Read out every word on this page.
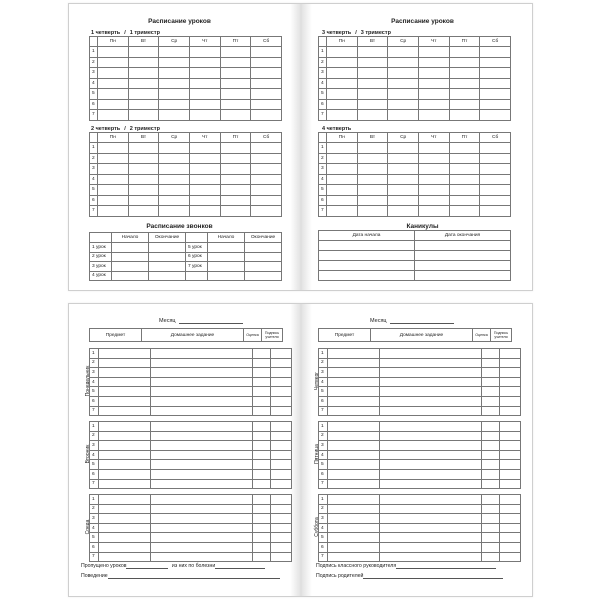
Расписание уроков
1 четверть / 1 триместр
	Пн	Вт	Ср	Чт	Пт	Сб
1						
2						
3						
4						
5						
6						
7						
2 четверть / 2 триместр
	Пн	Вт	Ср	Чт	Пт	Сб
1						
2						
3						
4						
5						
6						
7						
Расписание звонков
	Начало	Окончание		Начало	Окончание
1 урок			5 урок		
2 урок			6 урок		
3 урок			7 урок		
4 урок					
Расписание уроков
3 четверть / 3 триместр
	Пн	Вт	Ср	Чт	Пт	Сб
1						
2						
3						
4						
5						
6						
7						
4 четверть
	Пн	Вт	Ср	Чт	Пт	Сб
1						
2						
3						
4						
5						
6						
7						
Каникулы
Дата начала	Дата окончания

Месяц
Предмет	Домашнее задание	Оценка	Подпись учителя
Пропущено уроков	из них по болезни
Поведение
Понедельник
1				
2				
3				
4				
5				
6				
7				
Вторник
1				
2				
3				
4				
5				
6				
7				
Среда
1				
2				
3				
4				
5				
6				
7				
Месяц
Предмет	Домашнее задание	Оценка	Подпись учителя
Подпись классного руководителя
Подпись родителей
Четверг
1				
2				
3				
4				
5				
6				
7				
Пятница
1				
2				
3				
4				
5				
6				
7				
Суббота
1				
2				
3				
4				
5				
6				
7				
